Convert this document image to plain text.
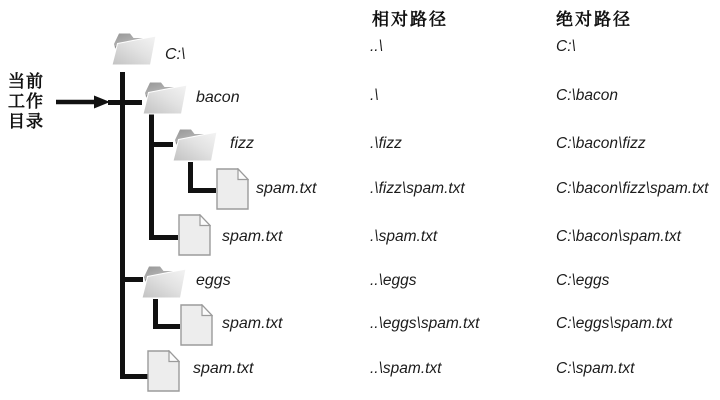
当前
工作
目录
C:\
bacon
fizz
spam.txt
spam.txt
eggs
spam.txt
spam.txt
相对路径	绝对路径
..\
.\
.\fizz
.\fizz\spam.txt
.\spam.txt
..\eggs
..\eggs\spam.txt
..\spam.txt
C:\
C:\bacon
C:\bacon\fizz
C:\bacon\fizz\spam.txt
C:\bacon\spam.txt
C:\eggs
C:\eggs\spam.txt
C:\spam.txt
